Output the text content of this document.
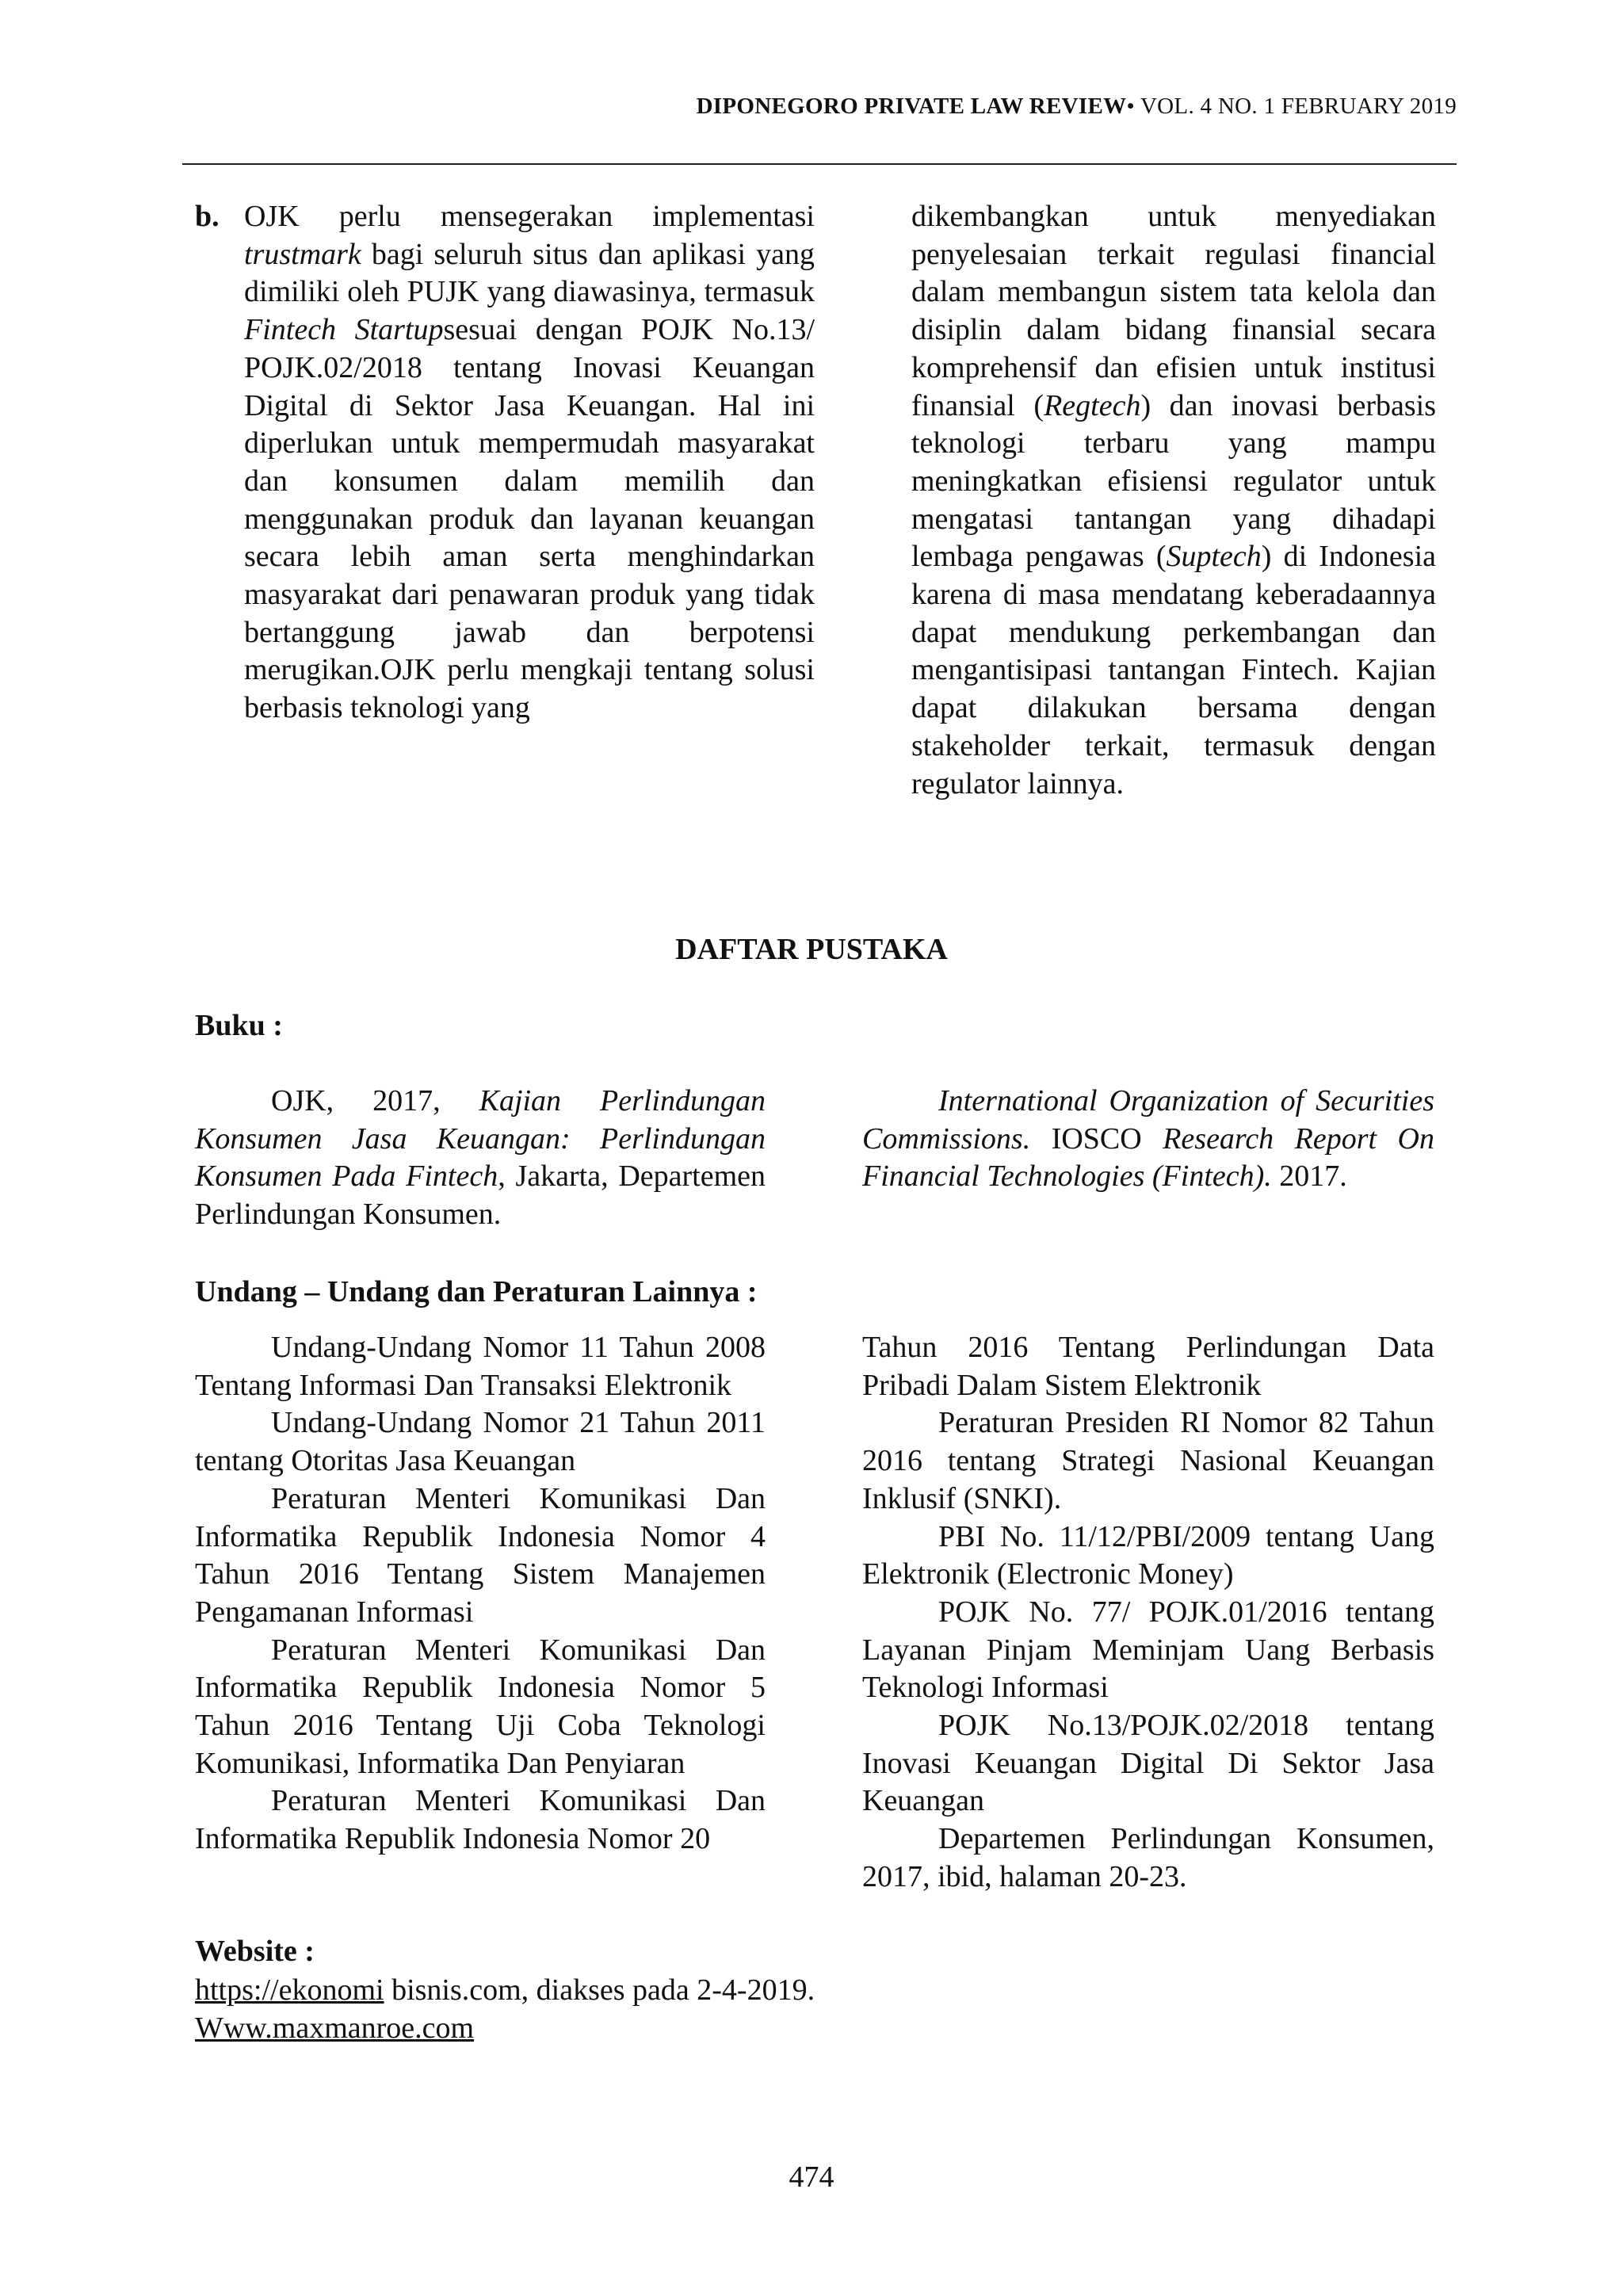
DIPONEGORO PRIVATE LAW REVIEW• VOL. 4 NO. 1 FEBRUARY 2019
b. OJK perlu mensegerakan implementasi trustmark bagi seluruh situs dan aplikasi yang dimiliki oleh PUJK yang diawasinya, termasuk Fintech Startupsesuai dengan POJK No.13/ POJK.02/2018 tentang Inovasi Keuangan Digital di Sektor Jasa Keuangan. Hal ini diperlukan untuk mempermudah masyarakat dan konsumen dalam memilih dan menggunakan produk dan layanan keuangan secara lebih aman serta menghindarkan masyarakat dari penawaran produk yang tidak bertanggung jawab dan berpotensi merugikan.OJK perlu mengkaji tentang solusi berbasis teknologi yang
dikembangkan untuk menyediakan penyelesaian terkait regulasi financial dalam membangun sistem tata kelola dan disiplin dalam bidang finansial secara komprehensif dan efisien untuk institusi finansial (Regtech) dan inovasi berbasis teknologi terbaru yang mampu meningkatkan efisiensi regulator untuk mengatasi tantangan yang dihadapi lembaga pengawas (Suptech) di Indonesia karena di masa mendatang keberadaannya dapat mendukung perkembangan dan mengantisipasi tantangan Fintech. Kajian dapat dilakukan bersama dengan stakeholder terkait, termasuk dengan regulator lainnya.
DAFTAR PUSTAKA
Buku :

OJK, 2017, Kajian Perlindungan Konsumen Jasa Keuangan: Perlindungan Konsumen Pada Fintech, Jakarta, Departemen Perlindungan Konsumen.

International Organization of Securities Commissions. IOSCO Research Report On Financial Technologies (Fintech). 2017.

Undang – Undang dan Peraturan Lainnya :

Undang-Undang Nomor 11 Tahun 2008 Tentang Informasi Dan Transaksi Elektronik

Undang-Undang Nomor 21 Tahun 2011 tentang Otoritas Jasa Keuangan

Peraturan Menteri Komunikasi Dan Informatika Republik Indonesia Nomor 4 Tahun 2016 Tentang Sistem Manajemen Pengamanan Informasi

Peraturan Menteri Komunikasi Dan Informatika Republik Indonesia Nomor 5 Tahun 2016 Tentang Uji Coba Teknologi Komunikasi, Informatika Dan Penyiaran

Peraturan Menteri Komunikasi Dan Informatika Republik Indonesia Nomor 20

Tahun 2016 Tentang Perlindungan Data Pribadi Dalam Sistem Elektronik

Peraturan Presiden RI Nomor 82 Tahun 2016 tentang Strategi Nasional Keuangan Inklusif (SNKI).

PBI No. 11/12/PBI/2009 tentang Uang Elektronik (Electronic Money)

POJK No. 77/ POJK.01/2016 tentang Layanan Pinjam Meminjam Uang Berbasis Teknologi Informasi

POJK No.13/POJK.02/2018 tentang Inovasi Keuangan Digital Di Sektor Jasa Keuangan

Departemen Perlindungan Konsumen, 2017, ibid, halaman 20-23.

Website :
https://ekonomi bisnis.com, diakses pada 2-4-2019.
Www.maxmanroe.com
474
